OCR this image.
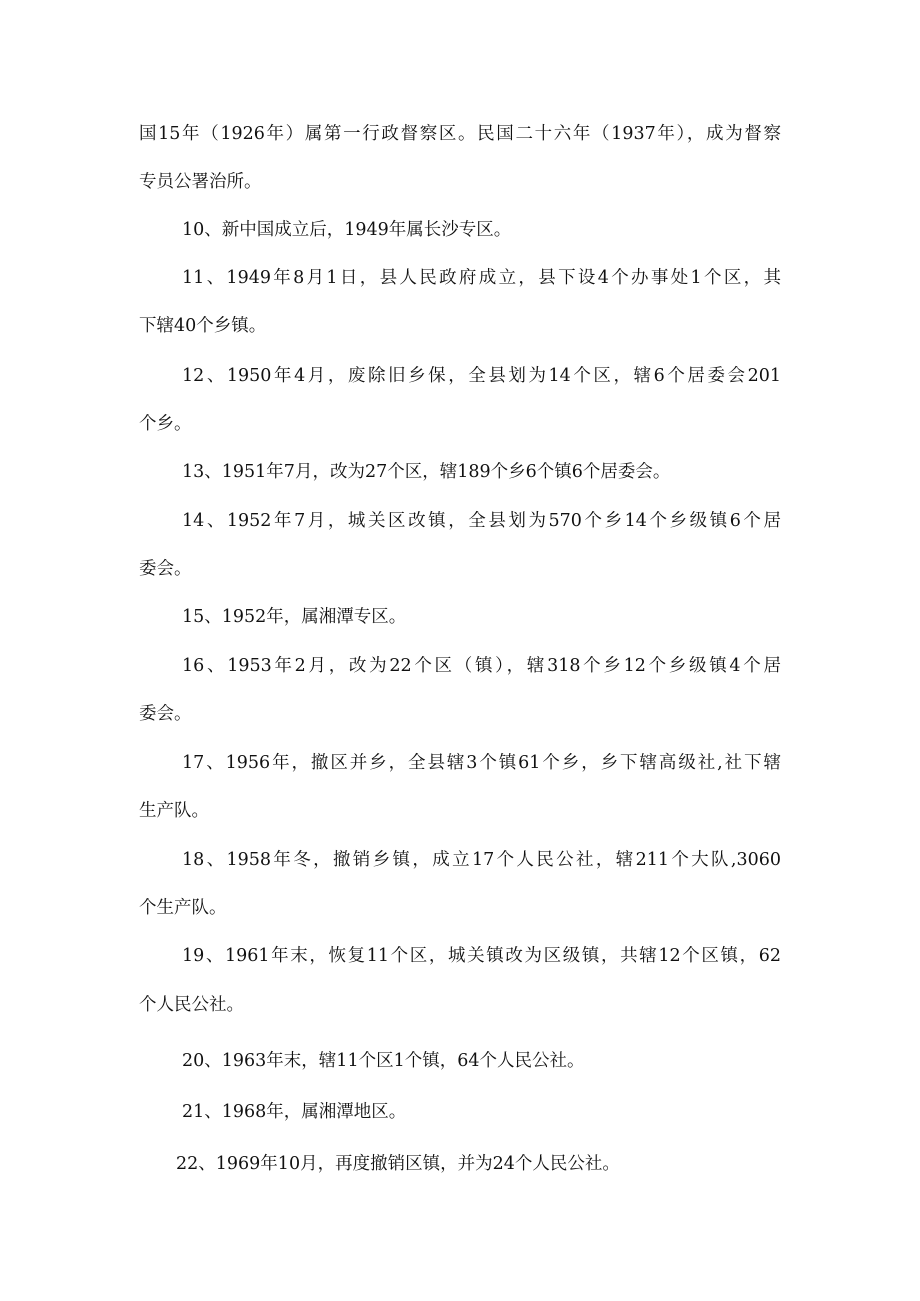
国15年（1926年）属第一行政督察区。民国二十六年（1937年），成为督察
专员公署治所。
10、新中国成立后，1949年属长沙专区。
11、1949年8月1日，县人民政府成立，县下设4个办事处1个区，其
下辖40个乡镇。
12、1950年4月，废除旧乡保，全县划为14个区，辖6个居委会201
个乡。
13、1951年7月，改为27个区，辖189个乡6个镇6个居委会。
14、1952年7月，城关区改镇，全县划为570个乡14个乡级镇6个居
委会。
15、1952年，属湘潭专区。
16、1953年2月，改为22个区（镇），辖318个乡12个乡级镇4个居
委会。
17、1956年，撤区并乡，全县辖3个镇61个乡，乡下辖高级社,社下辖
生产队。
18、1958年冬，撤销乡镇，成立17个人民公社，辖211个大队,3060
个生产队。
19、1961年末，恢复11个区，城关镇改为区级镇，共辖12个区镇，62
个人民公社。
20、1963年末，辖11个区1个镇，64个人民公社。
21、1968年，属湘潭地区。
22、1969年10月，再度撤销区镇，并为24个人民公社。
